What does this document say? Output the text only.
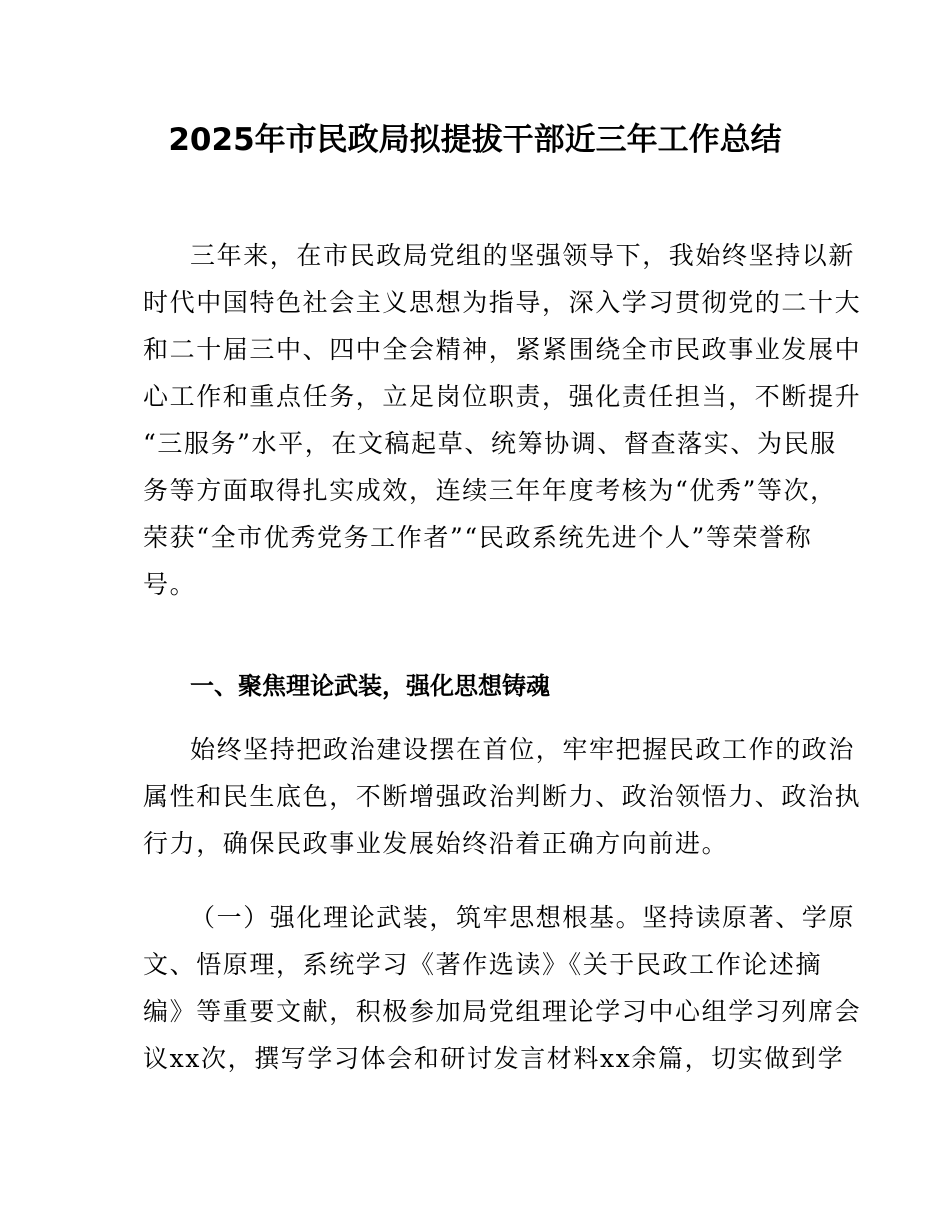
2025年市民政局拟提拔干部近三年工作总结
三年来，在市民政局党组的坚强领导下，我始终坚持以新
时代中国特色社会主义思想为指导，深入学习贯彻党的二十大
和二十届三中、四中全会精神，紧紧围绕全市民政事业发展中
心工作和重点任务，立足岗位职责，强化责任担当，不断提升
“三服务”水平，在文稿起草、统筹协调、督查落实、为民服
务等方面取得扎实成效，连续三年年度考核为“优秀”等次，
荣获“全市优秀党务工作者”“民政系统先进个人”等荣誉称
号。
一、聚焦理论武装，强化思想铸魂
始终坚持把政治建设摆在首位，牢牢把握民政工作的政治
属性和民生底色，不断增强政治判断力、政治领悟力、政治执
行力，确保民政事业发展始终沿着正确方向前进。
（一）强化理论武装，筑牢思想根基。坚持读原著、学原
文、悟原理，系统学习《著作选读》《关于民政工作论述摘
编》等重要文献，积极参加局党组理论学习中心组学习列席会
议xx次，撰写学习体会和研讨发言材料xx余篇，切实做到学
